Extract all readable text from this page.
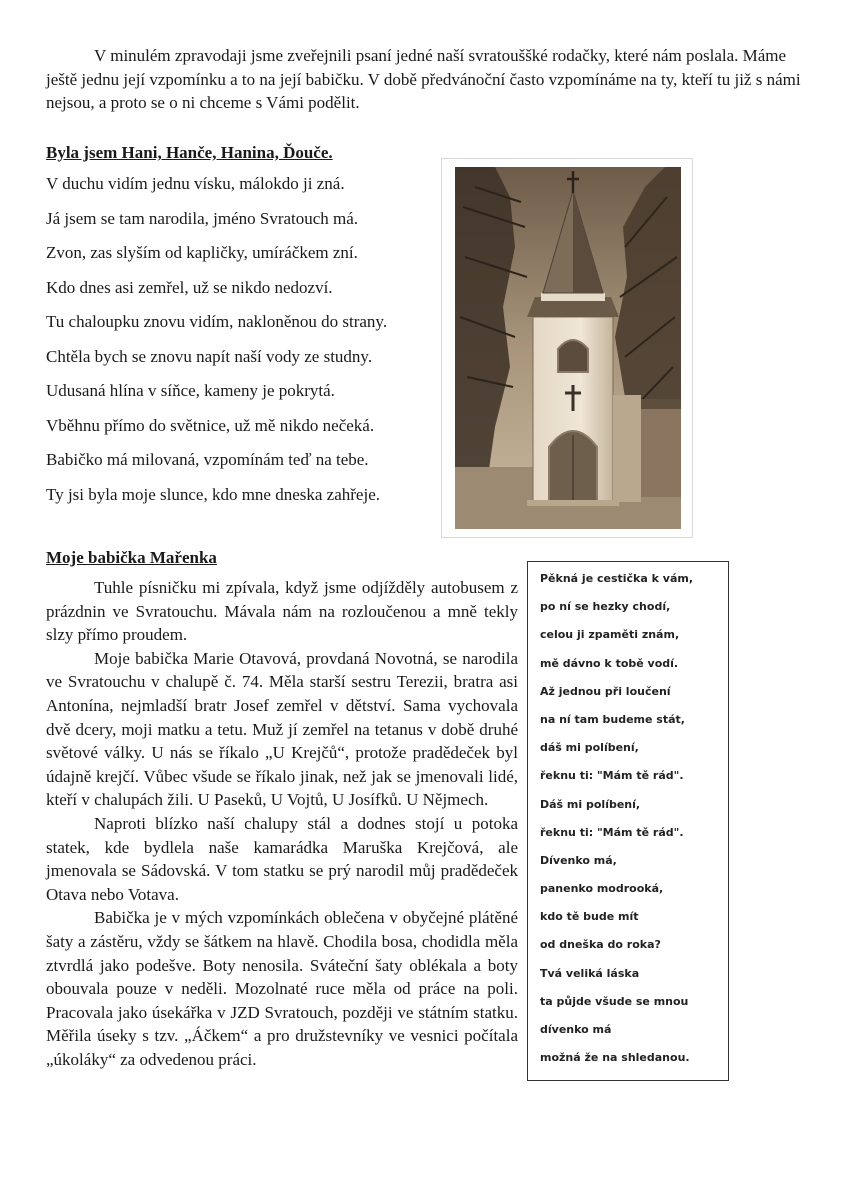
V minulém zpravodaji jsme zveřejnili psaní jedné naší svratouššké rodačky, které nám poslala. Máme ještě jednu její vzpomínku a to na její babičku. V době předvánoční často vzpomínáme na ty, kteří tu již s námi nejsou, a proto se o ni chceme s Vámi podělit.

Byla jsem Hani, Hanče, Hanina, Ďouče.
V duchu vidím jednu vísku, málokdo ji zná.
Já jsem se tam narodila, jméno Svratouch má.
Zvon, zas slyším od kapličky, umíráčkem zní.
Kdo dnes asi zemřel, už se nikdo nedozví.
Tu chaloupku znovu vidím, nakloněnou do strany.
Chtěla bych se znovu napít naší vody ze studny.
Udusaná hlína v síňce, kameny je pokrytá.
Vběhnu přímo do světnice, už mě nikdo nečeká.
Babičko má milovaná, vzpomínám teď na tebe.
Ty jsi byla moje slunce, kdo mne dneska zahřeje.
Moje babička Mařenka

Tuhle písničku mi zpívala, když jsme odjížděly autobusem z prázdnin ve Svratouchu. Mávala nám na rozloučenou a mně tekly slzy přímo proudem.

Moje babička Marie Otavová, provdaná Novotná, se narodila ve Svratouchu v chalupě č. 74. Měla starší sestru Terezii, bratra asi Antonína, nejmladší bratr Josef zemřel v dětství. Sama vychovala dvě dcery, moji matku a tetu. Muž jí zemřel na tetanus v době druhé světové války. U nás se říkalo „U Krejčů“, protože pradědeček byl údajně krejčí. Vůbec všude se říkalo jinak, než jak se jmenovali lidé, kteří v chalupách žili. U Paseků, U Vojtů, U Josífků. U Nějmech.

Naproti blízko naší chalupy stál a dodnes stojí u potoka statek, kde bydlela naše kamarádka Maruška Krejčová, ale jmenovala se Sádovská. V tom statku se prý narodil můj pradědeček Otava nebo Votava.

Babička je v mých vzpomínkách oblečena v obyčejné plátěné šaty a zástěru, vždy se šátkem na hlavě. Chodila bosa, chodidla měla ztvrdlá jako podešve. Boty nenosila. Sváteční šaty oblékala a boty obouvala pouze v neděli. Mozolnaté ruce měla od práce na poli. Pracovala jako úsekářka v JZD Svratouch, později ve státním statku. Měřila úseky s tzv. „Áčkem“ a pro družstevníky ve vesnici počítala „úkoláky“ za odvedenou práci.

Pěkná je cestička k vám,
po ní se hezky chodí,
celou ji zpaměti znám,
mě dávno k tobě vodí.
Až jednou při loučení
na ní tam budeme stát,
dáš mi políbení,
řeknu ti: "Mám tě rád".
Dáš mi políbení,
řeknu ti: "Mám tě rád".
Dívenko má,
panenko modrooká,
kdo tě bude mít
od dneška do roka?
Tvá veliká láska
ta půjde všude se mnou
dívenko má
možná že na shledanou.
